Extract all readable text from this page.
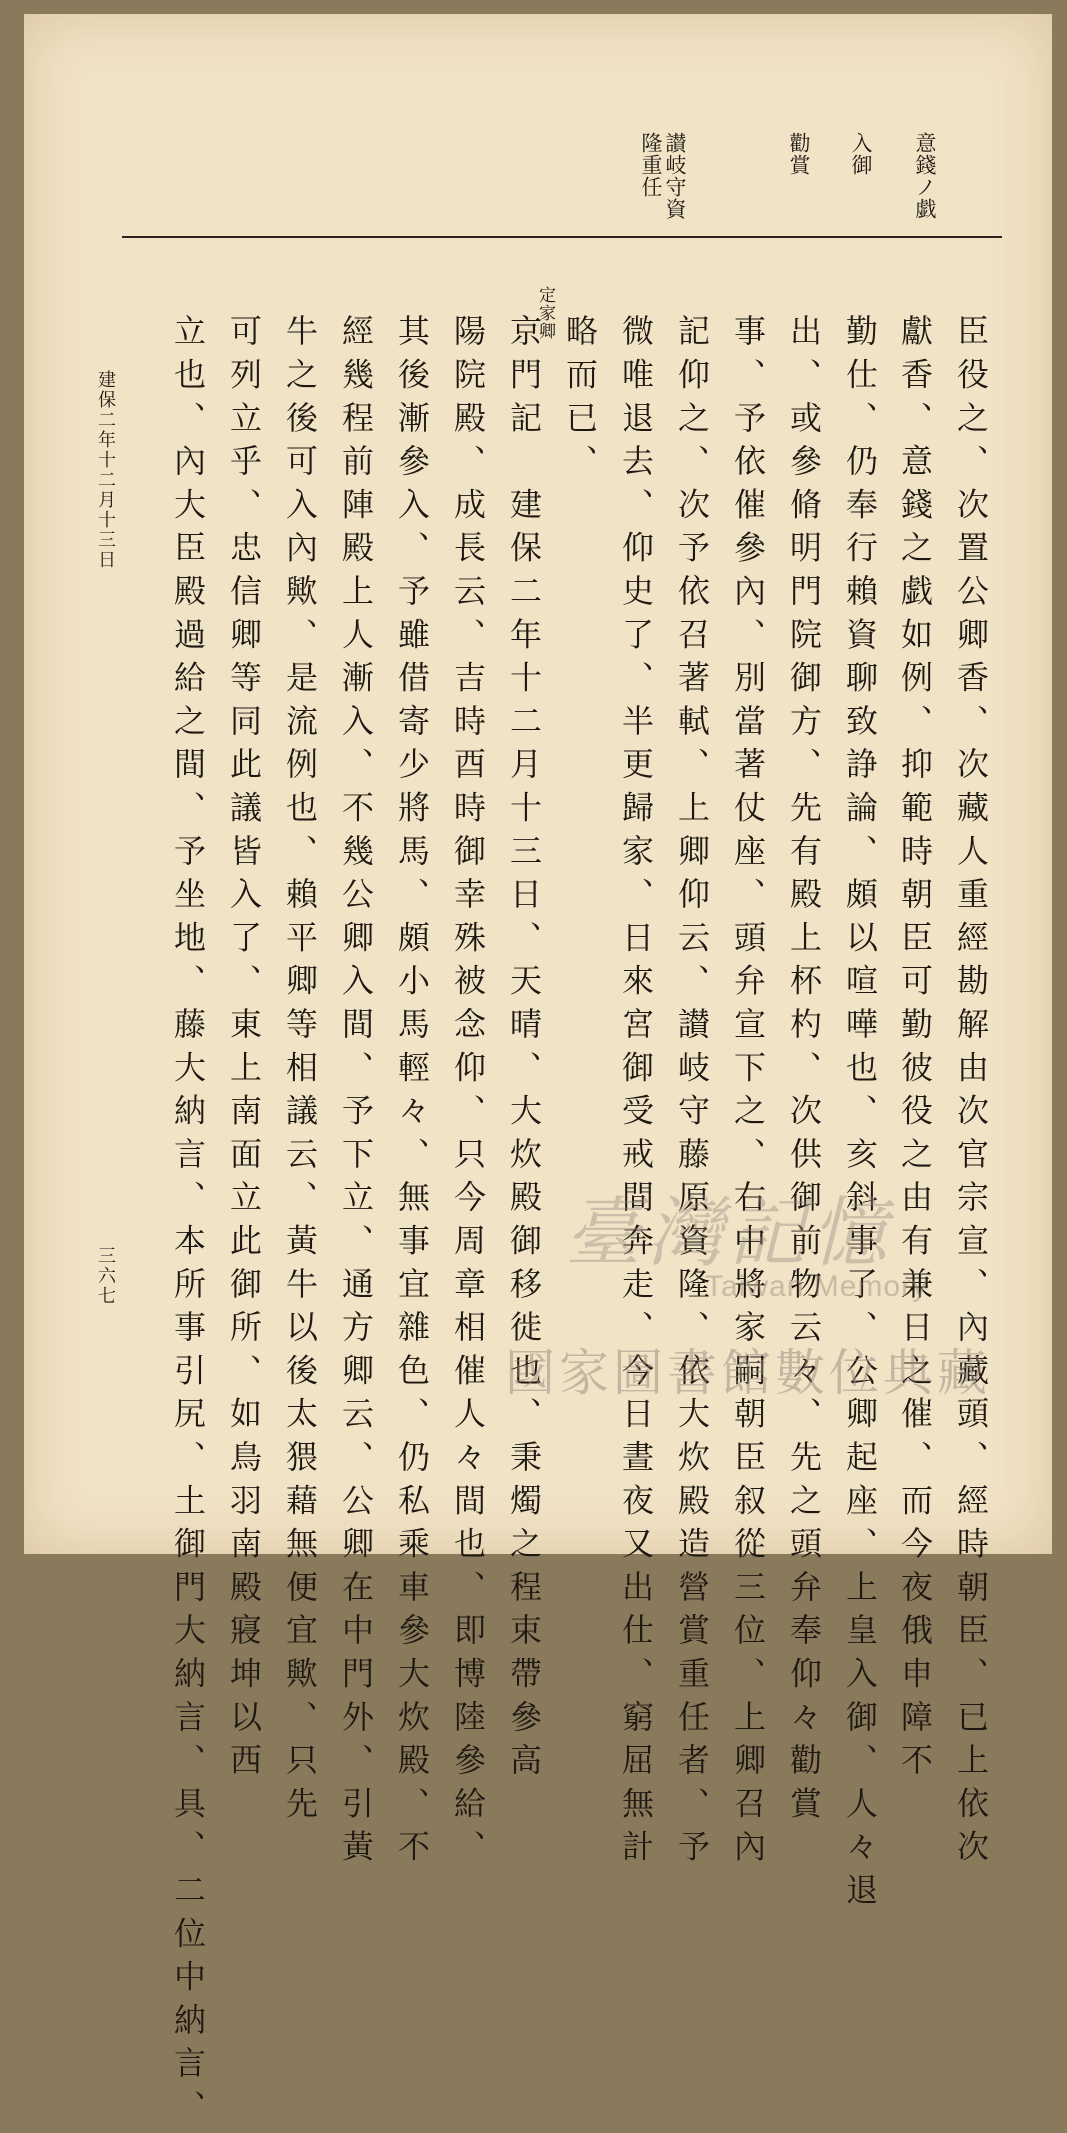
意錢ノ戯
入御
勸賞
讃岐守資
隆重任
臣役之、次置公卿香、次藏人重經勘解由次官宗宣、內藏頭、經時朝臣、已上依次
獻香、意錢之戯如例、抑範時朝臣可勤彼役之由有兼日之催、而今夜俄申障不
勤仕、仍奉行賴資聊致諍論、頗以喧嘩也、亥斜事了、公卿起座、上皇入御、人々退
出、或參脩明門院御方、先有殿上杯杓、次供御前物云々、先之頭弁奉仰々勸賞
事、予依催參內、別當著仗座、頭弁宣下之、右中將家嗣朝臣叙從三位、上卿召內
記仰之、次予依召著軾、上卿仰云、讃岐守藤原資隆、依大炊殿造營賞重任者、予
微唯退去、仰史了、半更歸家、日來宮御受戒間奔走、今日晝夜又出仕、窮屈無計
略而已、
定家卿
京門記　建保二年十二月十三日、天晴、大炊殿御移徙也、秉燭之程束帶參高
陽院殿、成長云、吉時酉時御幸殊被念仰、只今周章相催人々間也、即博陸參給、
其後漸參入、予雖借寄少將馬、頗小馬輕々、無事宜雜色、仍私乘車參大炊殿、不
經幾程前陣殿上人漸入、不幾公卿入間、予下立、通方卿云、公卿在中門外、引黃
牛之後可入內歟、是流例也、賴平卿等相議云、黃牛以後太猥藉無便宜歟、只先
可列立乎、忠信卿等同此議皆入了、東上南面立此御所、如鳥羽南殿寢坤以西
立也、內大臣殿過給之間、予坐地、藤大納言、本所事引尻、土御門大納言、具、二位中納言、
建保二年十二月十三日
三六七	臺灣記憶
Taiwan Memory
國家圖書館數位典藏
